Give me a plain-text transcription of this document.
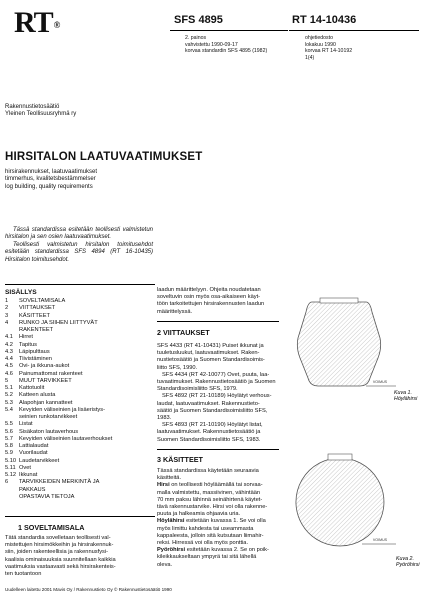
RT®	SFS 4895	RT 14-10436
2. painos
vahvistettu 1990-09-17
korvaa standardin SFS 4895 (1982)
ohjetiedosto
lokakuu 1990
korvaa RT 14-10192
1(4)
Rakennustietosäätiö
Yleinen Teollisuusryhmä ry
HIRSITALON LAATUVAATIMUKSET
hirsirakennukset, laatuvaatimukset
timmerhus, kvalitetsbestämmelser
log building, quality requirements
Tässä standardissa esitetään teollisesti valmistetun hirsitalon ja sen osien laatuvaatimukset.
Teollisesti valmistetun hirsitalon toimitusehdot esitetään standardissa SFS 4894 (RT 16-10435) Hirsitalon toimitusehdot.
SISÄLLYS
1 SOVELTAMISALA
2 VIITTAUKSET
3 KÄSITTEET
4 RUNKO JA SIIHEN LIITTYVÄT
RAKENTEET
4.1 Hirret
4.2 Tapitus
4.3 Läpipulttaus
4.4 Tiivistäminen
4.5 Ovi- ja ikkuna-aukot
4.6 Painumattomat rakenteet
5 MUUT TARVIKKEET
5.1 Kattotuolit
5.2 Katteen alusta
5.3 Alapohjan kannatteet
5.4 Kevyiden väliseinien ja lisäeristys-
seinien runkotarvikkeet
5.5 Listat
5.6 Sisäkaton lautaverhous
5.7 Kevyiden väliseinien lautaverhoukset
5.8 Lattialaudat
5.9 Vuorilaudat
5.10 Laudetarvikkeet
5.11 Ovet
5.12 Ikkunat
6 TARVIKKEIDEN MERKINTÄ JA
PAKKAUS
OPASTAVIA TIETOJA
1 SOVELTAMISALA

Tätä standardia sovelletaan teollisesti val-

mistettujen hirsimökkeihin ja hirsirakennuk-

siin, joiden rakenteellisia ja rakennusfysi-

kaalisia ominaisuuksia suunnitellaan kaikkia

vaatimuksia vastaavasti sekä hirsirakenteis-

ten tuotantoon

laadun määrittelyyn. Ohjeita noudatetaan

soveltuvin osin myös osa-aikaiseen käyt-

töön tarkoitettujen hirsirakennusten laadun

määrittelyssä.

2 VIITTAUKSET

SFS 4433 (RT 41-10431) Puiset ikkunat ja

tuuletusluukut, laatuvaatimukset. Raken-

nustietosäätiö ja Suomen Standardisoimis-

liitto SFS, 1990.

SFS 4434 (RT 42-10077) Ovet, puuta, laa-

tuvaatimukset. Rakennustietosäätiö ja Suomen

Standardisoimisliitto SFS, 1979.

SFS 4892 (RT 21-10189) Höylätyt verhous-

laudat, laatuvaatimukset. Rakennustieto-

säätiö ja Suomen Standardisoimisliitto SFS,

1983.

SFS 4893 (RT 21-10190) Höylätyt listat,

laatuvaatimukset. Rakennustietosäätiö ja

Suomen Standardisoimisliitto SFS, 1983.

3 KÄSITTEET

Tässä standardissa käytetään seuraavia

käsitteitä.

Hirsi on teollisesti höyläämällä tai sorvaa-

malla valmistettu, massiivinen, vähintään

70 mm paksu lähinnä seinähirtenä käytet-

tävä rakennustarvike. Hirsi voi olla rakenne-

puuta ja halkeamia ohjaavia uria.

Höylähirsi esitetään kuvassa 1. Se voi olla

myös limittu kahdesta tai useammasta

kappaleesta, jolloin sitä kutsutaan liimahir-

reksi. Hirressä voi olla myös ponttia.

Pyöröhirsi esitetään kuvassa 2. Se on poik-

kileikkaukseltaan ympyrä tai sitä lähellä

oleva.

VOIMUS
Kuva 1.
Höylähirsi
VOIMUS
Kuva 2.
Pyöröhirsi
Uudelleen laitettu 2001 Mavis Oy / Rakennustieto Oy © Rakennustietosäätiö 1990
